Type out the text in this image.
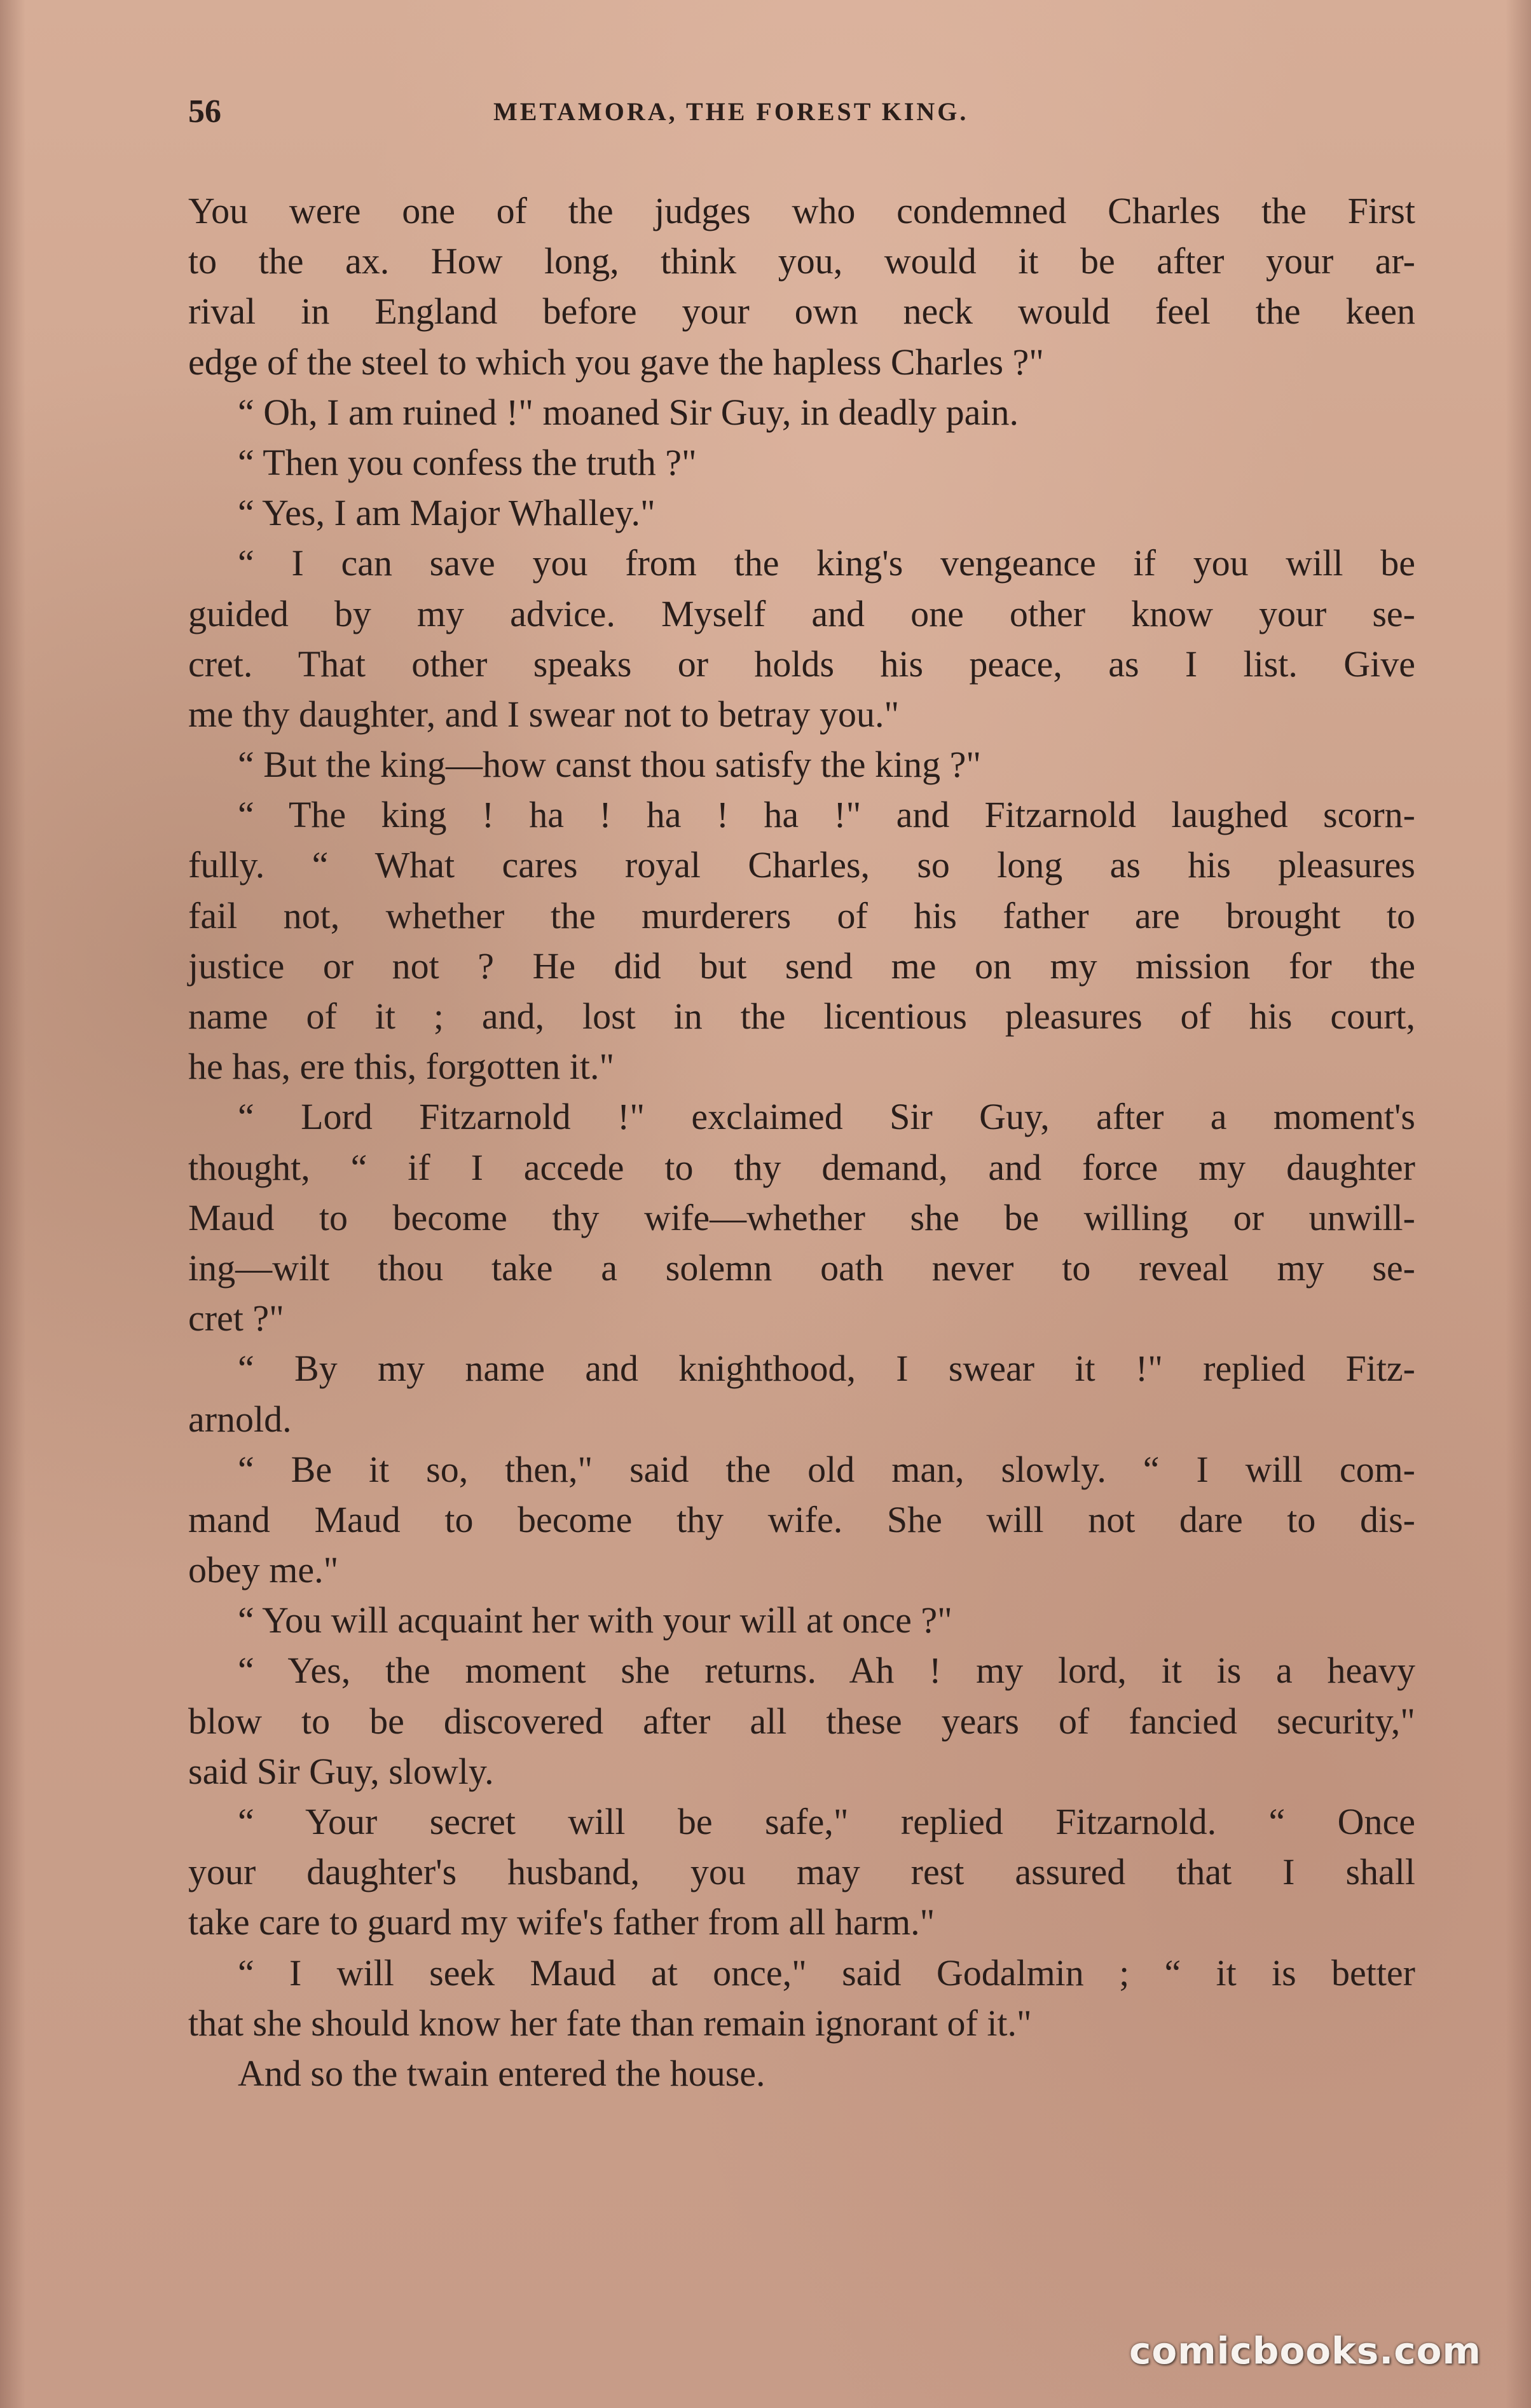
56	METAMORA, THE FOREST KING.
You were one of the judges who condemned Charles the First
to the ax. How long, think you, would it be after your ar-
rival in England before your own neck would feel the keen
edge of the steel to which you gave the hapless Charles ?"
“ Oh, I am ruined !" moaned Sir Guy, in deadly pain.
“ Then you confess the truth ?"
“ Yes, I am Major Whalley."
“ I can save you from the king's vengeance if you will be
guided by my advice. Myself and one other know your se-
cret. That other speaks or holds his peace, as I list. Give
me thy daughter, and I swear not to betray you."
“ But the king—how canst thou satisfy the king ?"
“ The king ! ha ! ha ! ha !" and Fitzarnold laughed scorn-
fully. “ What cares royal Charles, so long as his pleasures
fail not, whether the murderers of his father are brought to
justice or not ? He did but send me on my mission for the
name of it ; and, lost in the licentious pleasures of his court,
he has, ere this, forgotten it."
“ Lord Fitzarnold !" exclaimed Sir Guy, after a moment's
thought, “ if I accede to thy demand, and force my daughter
Maud to become thy wife—whether she be willing or unwill-
ing—wilt thou take a solemn oath never to reveal my se-
cret ?"
“ By my name and knighthood, I swear it !" replied Fitz-
arnold.
“ Be it so, then," said the old man, slowly. “ I will com-
mand Maud to become thy wife. She will not dare to dis-
obey me."
“ You will acquaint her with your will at once ?"
“ Yes, the moment she returns. Ah ! my lord, it is a heavy
blow to be discovered after all these years of fancied security,"
said Sir Guy, slowly.
“ Your secret will be safe," replied Fitzarnold. “ Once
your daughter's husband, you may rest assured that I shall
take care to guard my wife's father from all harm."
“ I will seek Maud at once," said Godalmin ; “ it is better
that she should know her fate than remain ignorant of it."
And so the twain entered the house.
comicbooks.com
